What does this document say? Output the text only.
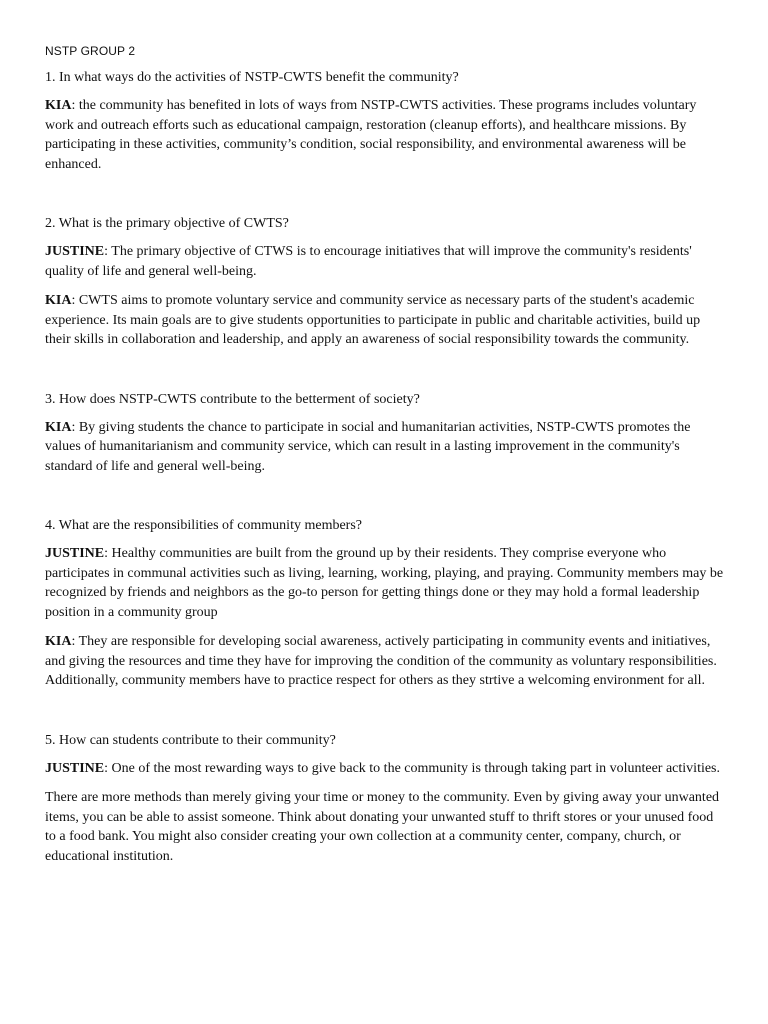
NSTP GROUP 2
1. In what ways do the activities of NSTP-CWTS benefit the community?
KIA: the community has benefited in lots of ways from NSTP-CWTS activities. These programs includes voluntary work and outreach efforts such as educational campaign, restoration (cleanup efforts), and healthcare missions. By participating in these activities, community’s condition, social responsibility, and environmental awareness will be enhanced.
2. What is the primary objective of CWTS?
JUSTINE: The primary objective of CTWS is to encourage initiatives that will improve the community's residents' quality of life and general well-being.
KIA: CWTS aims to promote voluntary service and community service as necessary parts of the student's academic experience. Its main goals are to give students opportunities to participate in public and charitable activities, build up their skills in collaboration and leadership, and apply an awareness of social responsibility towards the community.
3. How does NSTP-CWTS contribute to the betterment of society?
KIA: By giving students the chance to participate in social and humanitarian activities, NSTP-CWTS promotes the values of humanitarianism and community service, which can result in a lasting improvement in the community's standard of life and general well-being.
4. What are the responsibilities of community members?
JUSTINE: Healthy communities are built from the ground up by their residents. They comprise everyone who participates in communal activities such as living, learning, working, playing, and praying. Community members may be recognized by friends and neighbors as the go-to person for getting things done or they may hold a formal leadership position in a community group
KIA: They are responsible for developing social awareness, actively participating in community events and initiatives, and giving the resources and time they have for improving the condition of the community as voluntary responsibilities. Additionally, community members have to practice respect for others as they strtive a welcoming environment for all.
5. How can students contribute to their community?
JUSTINE: One of the most rewarding ways to give back to the community is through taking part in volunteer activities.
There are more methods than merely giving your time or money to the community. Even by giving away your unwanted items, you can be able to assist someone. Think about donating your unwanted stuff to thrift stores or your unused food to a food bank. You might also consider creating your own collection at a community center, company, church, or educational institution.
